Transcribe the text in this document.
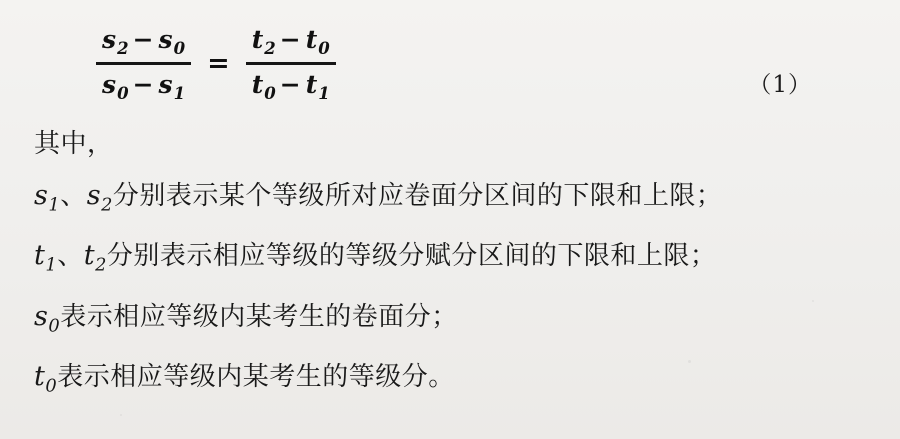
$\frac{s_2 - s_0}{s_0 - s_1} = \frac{t_2 - t_0}{t_0 - t_1}$	（1）
其中，
$s_1$、$s_2$分别表示某个等级所对应卷面分区间的下限和上限；
$t_1$、$t_2$分别表示相应等级的等级分赋分区间的下限和上限；
$s_0$表示相应等级内某考生的卷面分；
$t_0$表示相应等级内某考生的等级分。
